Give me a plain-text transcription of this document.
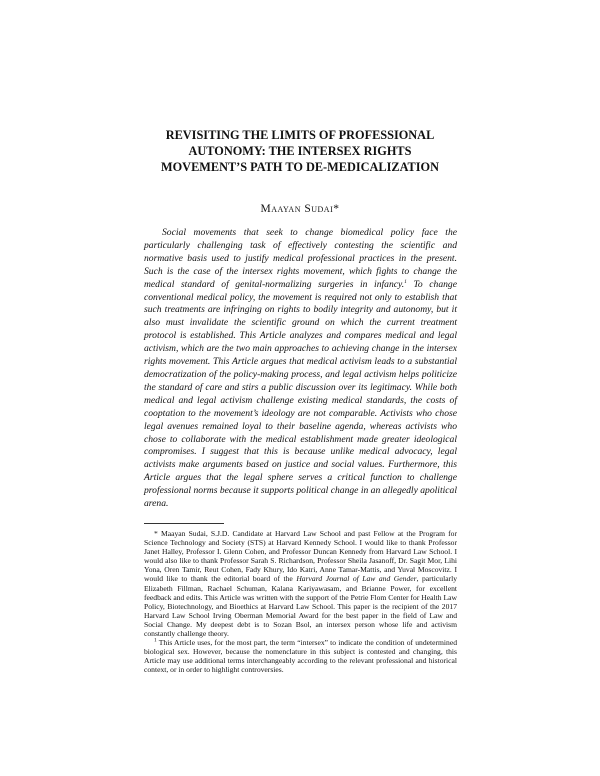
REVISITING THE LIMITS OF PROFESSIONAL
AUTONOMY: THE INTERSEX RIGHTS
MOVEMENT’S PATH TO DE-MEDICALIZATION
Maayan Sudai*

Social movements that seek to change biomedical policy face the particularly challenging task of effectively contesting the scientific and normative basis used to justify medical professional practices in the present. Such is the case of the intersex rights movement, which fights to change the medical standard of genital-normalizing surgeries in infancy.$^1$ To change conventional medical policy, the movement is required not only to establish that such treatments are infringing on rights to bodily integrity and autonomy, but it also must invalidate the scientific ground on which the current treatment protocol is established. This Article analyzes and compares medical and legal activism, which are the two main approaches to achieving change in the intersex rights movement. This Article argues that medical activism leads to a substantial democratization of the policy-making process, and legal activism helps politicize the standard of care and stirs a public discussion over its legitimacy. While both medical and legal activism challenge existing medical standards, the costs of cooptation to the movement’s ideology are not comparable. Activists who chose legal avenues remained loyal to their baseline agenda, whereas activists who chose to collaborate with the medical establishment made greater ideological compromises. I suggest that this is because unlike medical advocacy, legal activists make arguments based on justice and social values. Furthermore, this Article argues that the legal sphere serves a critical function to challenge professional norms because it supports political change in an allegedly apolitical arena.

* Maayan Sudai, S.J.D. Candidate at Harvard Law School and past Fellow at the Program for Science Technology and Society (STS) at Harvard Kennedy School. I would like to thank Professor Janet Halley, Professor I. Glenn Cohen, and Professor Duncan Kennedy from Harvard Law School. I would also like to thank Professor Sarah S. Richardson, Professor Sheila Jasanoff, Dr. Sagit Mor, Lihi Yona, Oren Tamir, Reut Cohen, Fady Khury, Ido Katri, Anne Tamar-Mattis, and Yuval Moscovitz. I would like to thank the editorial board of the Harvard Journal of Law and Gender, particularly Elizabeth Fillman, Rachael Schuman, Kalana Kariyawasam, and Brianne Power, for excellent feedback and edits. This Article was written with the support of the Petrie Flom Center for Health Law Policy, Biotechnology, and Bioethics at Harvard Law School. This paper is the recipient of the 2017 Harvard Law School Irving Oberman Memorial Award for the best paper in the field of Law and Social Change. My deepest debt is to Sozan Bsol, an intersex person whose life and activism constantly challenge theory.

$^1$ This Article uses, for the most part, the term “intersex” to indicate the condition of undetermined biological sex. However, because the nomenclature in this subject is contested and changing, this Article may use additional terms interchangeably according to the relevant professional and historical context, or in order to highlight controversies.
